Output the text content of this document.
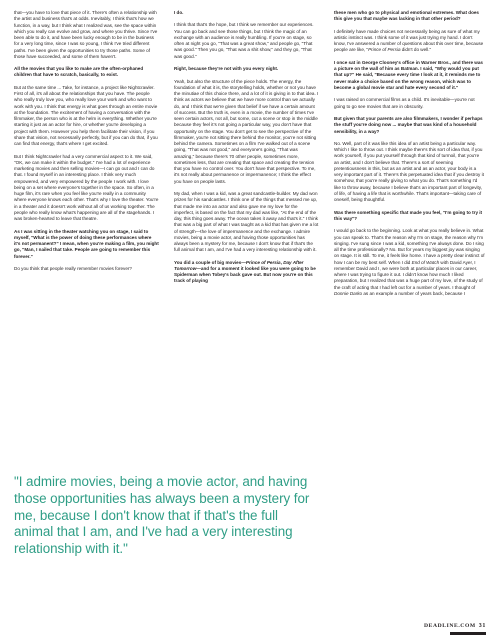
that—you have to love that piece of it. There's often a relationship with the artist and business that's at odds. Inevitably, I think that's how we function, in a way, but I think what I realized was, see the space within which you really can evolve and grow, and where you thrive. Since I've been able to do it, and have been lucky enough to be in the business for a very long time, since I was so young, I think I've tried different paths. I've been given the opportunities to try those paths. Some of those have succeeded, and some of them haven't.

All the movies that you like to make are the often-orphaned children that have to scratch, basically, to exist.

But at the same time ... Take, for instance, a project like Nightcrawler. First of all, it's all about the relationships that you have. The people who really truly love you, who really love your work and who want to work with you. I think that energy is what goes through an entire movie at the foundation. The excitement of having a conversation with the filmmaker, the person who is at the helm is everything. Whether you're starting it just as an actor for hire, or whether you're developing a project with them. However you help them facilitate their vision, if you share that vision, not necessarily perfectly, but if you can do that, if you can find that energy, that's where I get excited.

But I think Nightcrawler had a very commercial aspect to it. We said, "OK, we can make it within the budget." I've had a lot of experience marketing movies and then selling movies—I can go out and I can do that. I found myself in an interesting place. I think very much empowered, and very empowered by the people I work with. I love being on a set where everyone's together in the space. So often, in a huge film, it's rare when you feel like you're really in a community where everyone knows each other. That's why I love the theater. You're in a theater and it doesn't work without all of us working together. The people who really know what's happening are all of the stagehands. I was broken-hearted to leave that theatre.

As I was sitting in the theater watching you on stage, I said to myself, "What is the power of doing these performances where it's not permanent?" I mean, when you're making a film, you might go, "Man, I nailed that take. People are going to remember this forever."

Do you think that people really remember movies forever?

I do.

I think that that's the hope, but I think we remember our experiences. You can go back and see those things, but I think the magic of an exchange with an audience is really humbling. If you're on stage, so often at night you go, "That was a great show," and people go, "That was good." Then you go, "That was a shit show," and they go, "That was good."

Right, because they're not with you every night.

Yeah, but also the structure of the piece holds. The energy, the foundation of what it is, the storytelling holds, whether or not you have the minutiae of this choice there, and a lot of it is giving in to that idea. I think as actors we believe that we have more control than we actually do, and I think that we're given that belief if we have a certain amount of success. But the truth is, even in a movie, the number of times I've seen certain actors, not all, but some, cut a scene or stop in the middle because they feel it's not going a particular way, you don't have that opportunity on the stage. You don't get to see the perspective of the filmmaker, you're not sitting there behind the monitor, you're not sitting behind the camera. Sometimes on a film I've walked out of a scene going, "That was not good," and everyone's going, "That was amazing," because there's 70 other people, sometimes more, sometimes less, that are creating that space and creating the tension that you have no control over. You don't have that perspective. To me, it's not really about permanence or impermanence; I think the effect you have on people lasts.

My dad, when I was a kid, was a great sandcastle-builder. My dad won prizes for his sandcastles. I think one of the things that messed me up, that made me into an actor and also gave me my love for the imperfect, is based on the fact that my dad was like, "At the end of the day, this thing goes away. The ocean takes it away and that's it." I think that was a big part of what I was taught as a kid that has given me a lot of strength—the love of impermanence and the exchange. I admire movies, being a movie actor, and having those opportunities has always been a mystery for me, because I don't know that if that's the full animal that I am, and I've had a very interesting relationship with it.

You did a couple of big movies—Prince of Persia, Day After Tomorrow—and for a moment it looked like you were going to be Spiderman when Tobey's back gave out. But now you're on this track of playing

these men who go to physical and emotional extremes. What does this give you that maybe was lacking in that other period?

I definitely have made choices not necessarily being as sure of what my artistic instinct was. I think some of it was just trying my hand. I don't know, I've answered a number of questions about this over time, because people are like, "Prince of Persia didn't do well."

I once sat in George Clooney's office in Warner Bros., and there was a picture on the wall of him as Batman. I said, "Why would you put that up?" He said, "Because every time I look at it, it reminds me to never make a choice based on the wrong reason, which was to become a global movie star and hate every second of it."

I was raised on commercial films as a child. It's inevitable—you're not going to go see movies that are in obscurity.

But given that your parents are also filmmakers, I wonder if perhaps the stuff you're doing now ... maybe that was kind of a household sensibility, in a way?

No. Well, part of it was like this idea of an artist being a particular way. Which I like to throw out. I think maybe there's this sort of idea that, if you work yourself, if you put yourself through that kind of turmoil, that you're an artist, and I don't believe that. There's a sort of seeming pretentiousness in this, but as an artist and as an actor, your body is a very important part of it. There's this perpetuated idea that if you destroy it somehow, that you're really giving to what you do. That's something I'd like to throw away, because I believe that's an important part of longevity, of life, of having a life that is worthwhile. That's important—taking care of oneself, being thoughtful.

Was there something specific that made you feel, "I'm going to try it this way"?

I would go back to the beginning. Look at what you really believe in. What you can speak to. That's the reason why I'm on stage, the reason why I'm singing. I've sung since I was a kid, something I've always done. Do I sing all the time professionally? No. But for years my biggest joy was singing on stage. It is still. To me, it feels like home. I have a pretty clear instinct of how I can be my best self. When I did End of Watch with David Ayer, I remember David and I, we were both at particular places in our career, where I was trying to figure it out. I didn't know how much I liked preparation, but I realized that was a huge part of my love, of the study of the craft of acting that I had left out for a number of years. I thought of Donnie Darko as an example a number of years back, because I

"I admire movies, being a movie actor, and having those opportunities has always been a mystery for me, because I don't know that if that's the full animal that I am, and I've had a very interesting relationship with it."
DEADLINE.COM 31
